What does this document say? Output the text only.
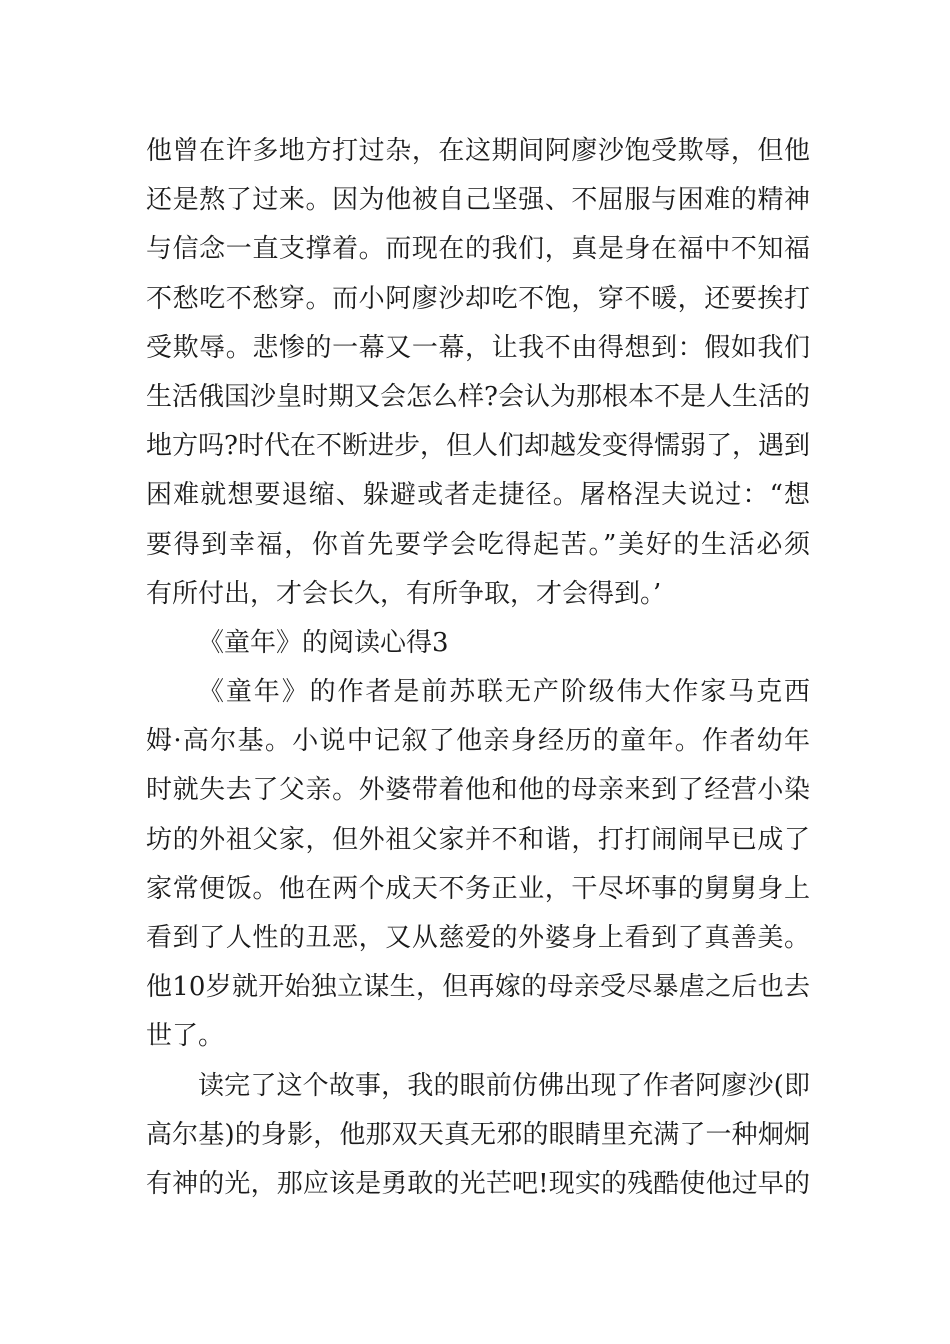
他曾在许多地方打过杂，在这期间阿廖沙饱受欺辱，但他
还是熬了过来。因为他被自己坚强、不屈服与困难的精神
与信念一直支撑着。而现在的我们，真是身在福中不知福
不愁吃不愁穿。而小阿廖沙却吃不饱，穿不暖，还要挨打
受欺辱。悲惨的一幕又一幕，让我不由得想到：假如我们
生活俄国沙皇时期又会怎么样?会认为那根本不是人生活的
地方吗?时代在不断进步，但人们却越发变得懦弱了，遇到
困难就想要退缩、躲避或者走捷径。屠格涅夫说过：“想
要得到幸福，你首先要学会吃得起苦。”美好的生活必须
有所付出，才会长久，有所争取，才会得到。’
《童年》的阅读心得3
《童年》的作者是前苏联无产阶级伟大作家马克西
姆·高尔基。小说中记叙了他亲身经历的童年。作者幼年
时就失去了父亲。外婆带着他和他的母亲来到了经营小染
坊的外祖父家，但外祖父家并不和谐，打打闹闹早已成了
家常便饭。他在两个成天不务正业，干尽坏事的舅舅身上
看到了人性的丑恶，又从慈爱的外婆身上看到了真善美。
他10岁就开始独立谋生，但再嫁的母亲受尽暴虐之后也去
世了。
读完了这个故事，我的眼前仿佛出现了作者阿廖沙(即
高尔基)的身影，他那双天真无邪的眼睛里充满了一种炯炯
有神的光，那应该是勇敢的光芒吧!现实的残酷使他过早的
